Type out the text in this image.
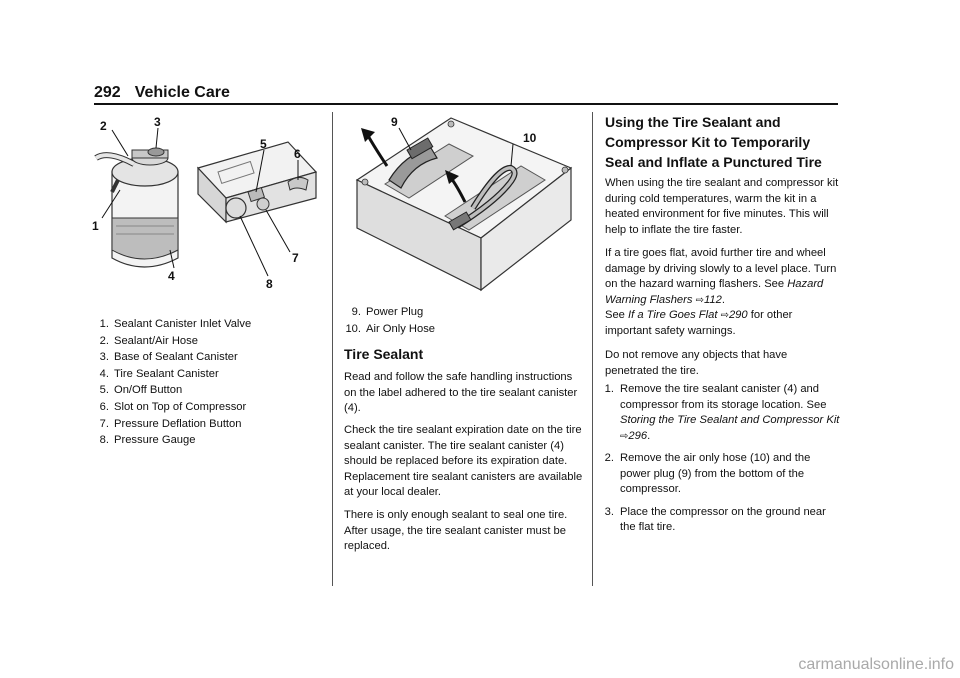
292 Vehicle Care
1
2	3
4
5
6
7
8
1. Sealant Canister Inlet Valve
2. Sealant/Air Hose
3. Base of Sealant Canister
4. Tire Sealant Canister
5. On/Off Button
6. Slot on Top of Compressor
7. Pressure Deflation Button
8. Pressure Gauge
9
10
9. Power Plug
10. Air Only Hose
Tire Sealant

Read and follow the safe handling instructions on the label adhered to the tire sealant canister (4).

Check the tire sealant expiration date on the tire sealant canister. The tire sealant canister (4) should be replaced before its expiration date. Replacement tire sealant canisters are available at your local dealer.

There is only enough sealant to seal one tire. After usage, the tire sealant canister must be replaced.

Using the Tire Sealant and Compressor Kit to Temporarily Seal and Inflate a Punctured Tire

When using the tire sealant and compressor kit during cold temperatures, warm the kit in a heated environment for five minutes. This will help to inflate the tire faster.

If a tire goes flat, avoid further tire and wheel damage by driving slowly to a level place. Turn on the hazard warning flashers. See Hazard Warning Flashers ⇨112.

See If a Tire Goes Flat ⇨290 for other important safety warnings.

Do not remove any objects that have penetrated the tire.

1. Remove the tire sealant canister (4) and compressor from its storage location. See Storing the Tire Sealant and Compressor Kit ⇨296.
2. Remove the air only hose (10) and the power plug (9) from the bottom of the compressor.
3. Place the compressor on the ground near the flat tire.
carmanualsonline.info
